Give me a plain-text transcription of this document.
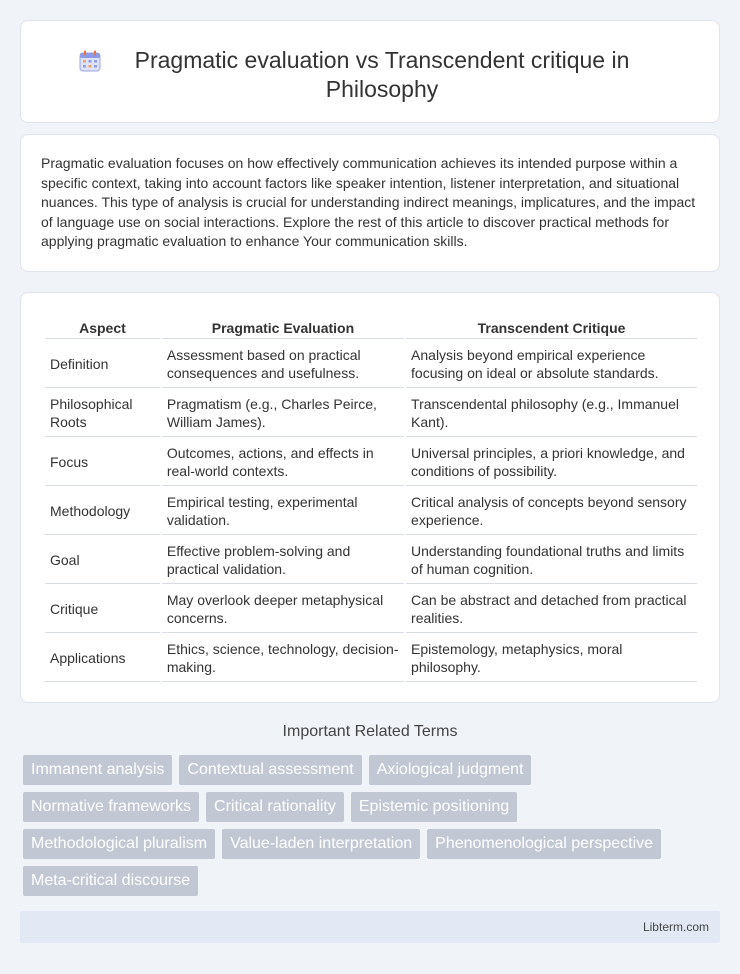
Pragmatic evaluation vs Transcendent critique in Philosophy

Pragmatic evaluation focuses on how effectively communication achieves its intended purpose within a specific context, taking into account factors like speaker intention, listener interpretation, and situational nuances. This type of analysis is crucial for understanding indirect meanings, implicatures, and the impact of language use on social interactions. Explore the rest of this article to discover practical methods for applying pragmatic evaluation to enhance Your communication skills.

Aspect	Pragmatic Evaluation	Transcendent Critique
Definition	Assessment based on practical consequences and usefulness.	Analysis beyond empirical experience focusing on ideal or absolute standards.
Philosophical Roots	Pragmatism (e.g., Charles Peirce, William James).	Transcendental philosophy (e.g., Immanuel Kant).
Focus	Outcomes, actions, and effects in real-world contexts.	Universal principles, a priori knowledge, and conditions of possibility.
Methodology	Empirical testing, experimental validation.	Critical analysis of concepts beyond sensory experience.
Goal	Effective problem-solving and practical validation.	Understanding foundational truths and limits of human cognition.
Critique	May overlook deeper metaphysical concerns.	Can be abstract and detached from practical realities.
Applications	Ethics, science, technology, decision-making.	Epistemology, metaphysics, moral philosophy.
Important Related Terms
Immanent analysis	Contextual assessment	Axiological judgment
Normative frameworks	Critical rationality	Epistemic positioning
Methodological pluralism	Value-laden interpretation	Phenomenological perspective
Meta-critical discourse
Libterm.com
